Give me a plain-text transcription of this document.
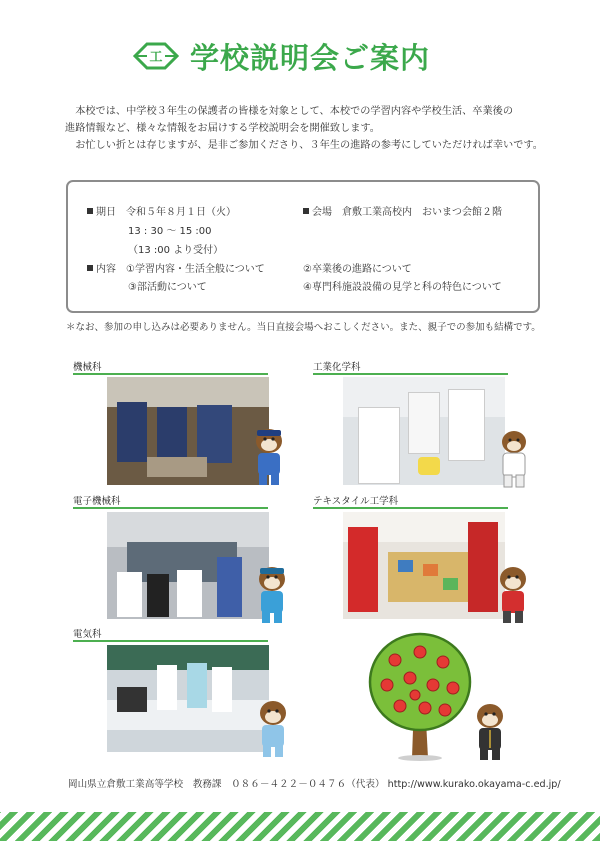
工 学校説明会ご案内
　本校では、中学校３年生の保護者の皆様を対象として、本校での学習内容や学校生活、卒業後の
進路情報など、様々な情報をお届けする学校説明会を開催致します。
　お忙しい折とは存じますが、是非ご参加くださり、３年生の進路の参考にしていただければ幸いです。
期日　 令和５年８月１日（火）
13 : 30 ～ 15 :00
（13 :00 より受付）
会場　 倉敷工業高校内　おいまつ会館２階
内容　 ①学習内容・生活全般について	②卒業後の進路について
③部活動について	④専門科施設設備の見学と科の特色について
＊なお、参加の申し込みは必要ありません。当日直接会場へおこしください。また、親子での参加も結構です。
機械科	工業化学科
電子機械科	テキスタイル工学科
電気科
岡山県立倉敷工業高等学校　教務課　０８６－４２２－０４７６（代表） http://www.kurako.okayama-c.ed.jp/
